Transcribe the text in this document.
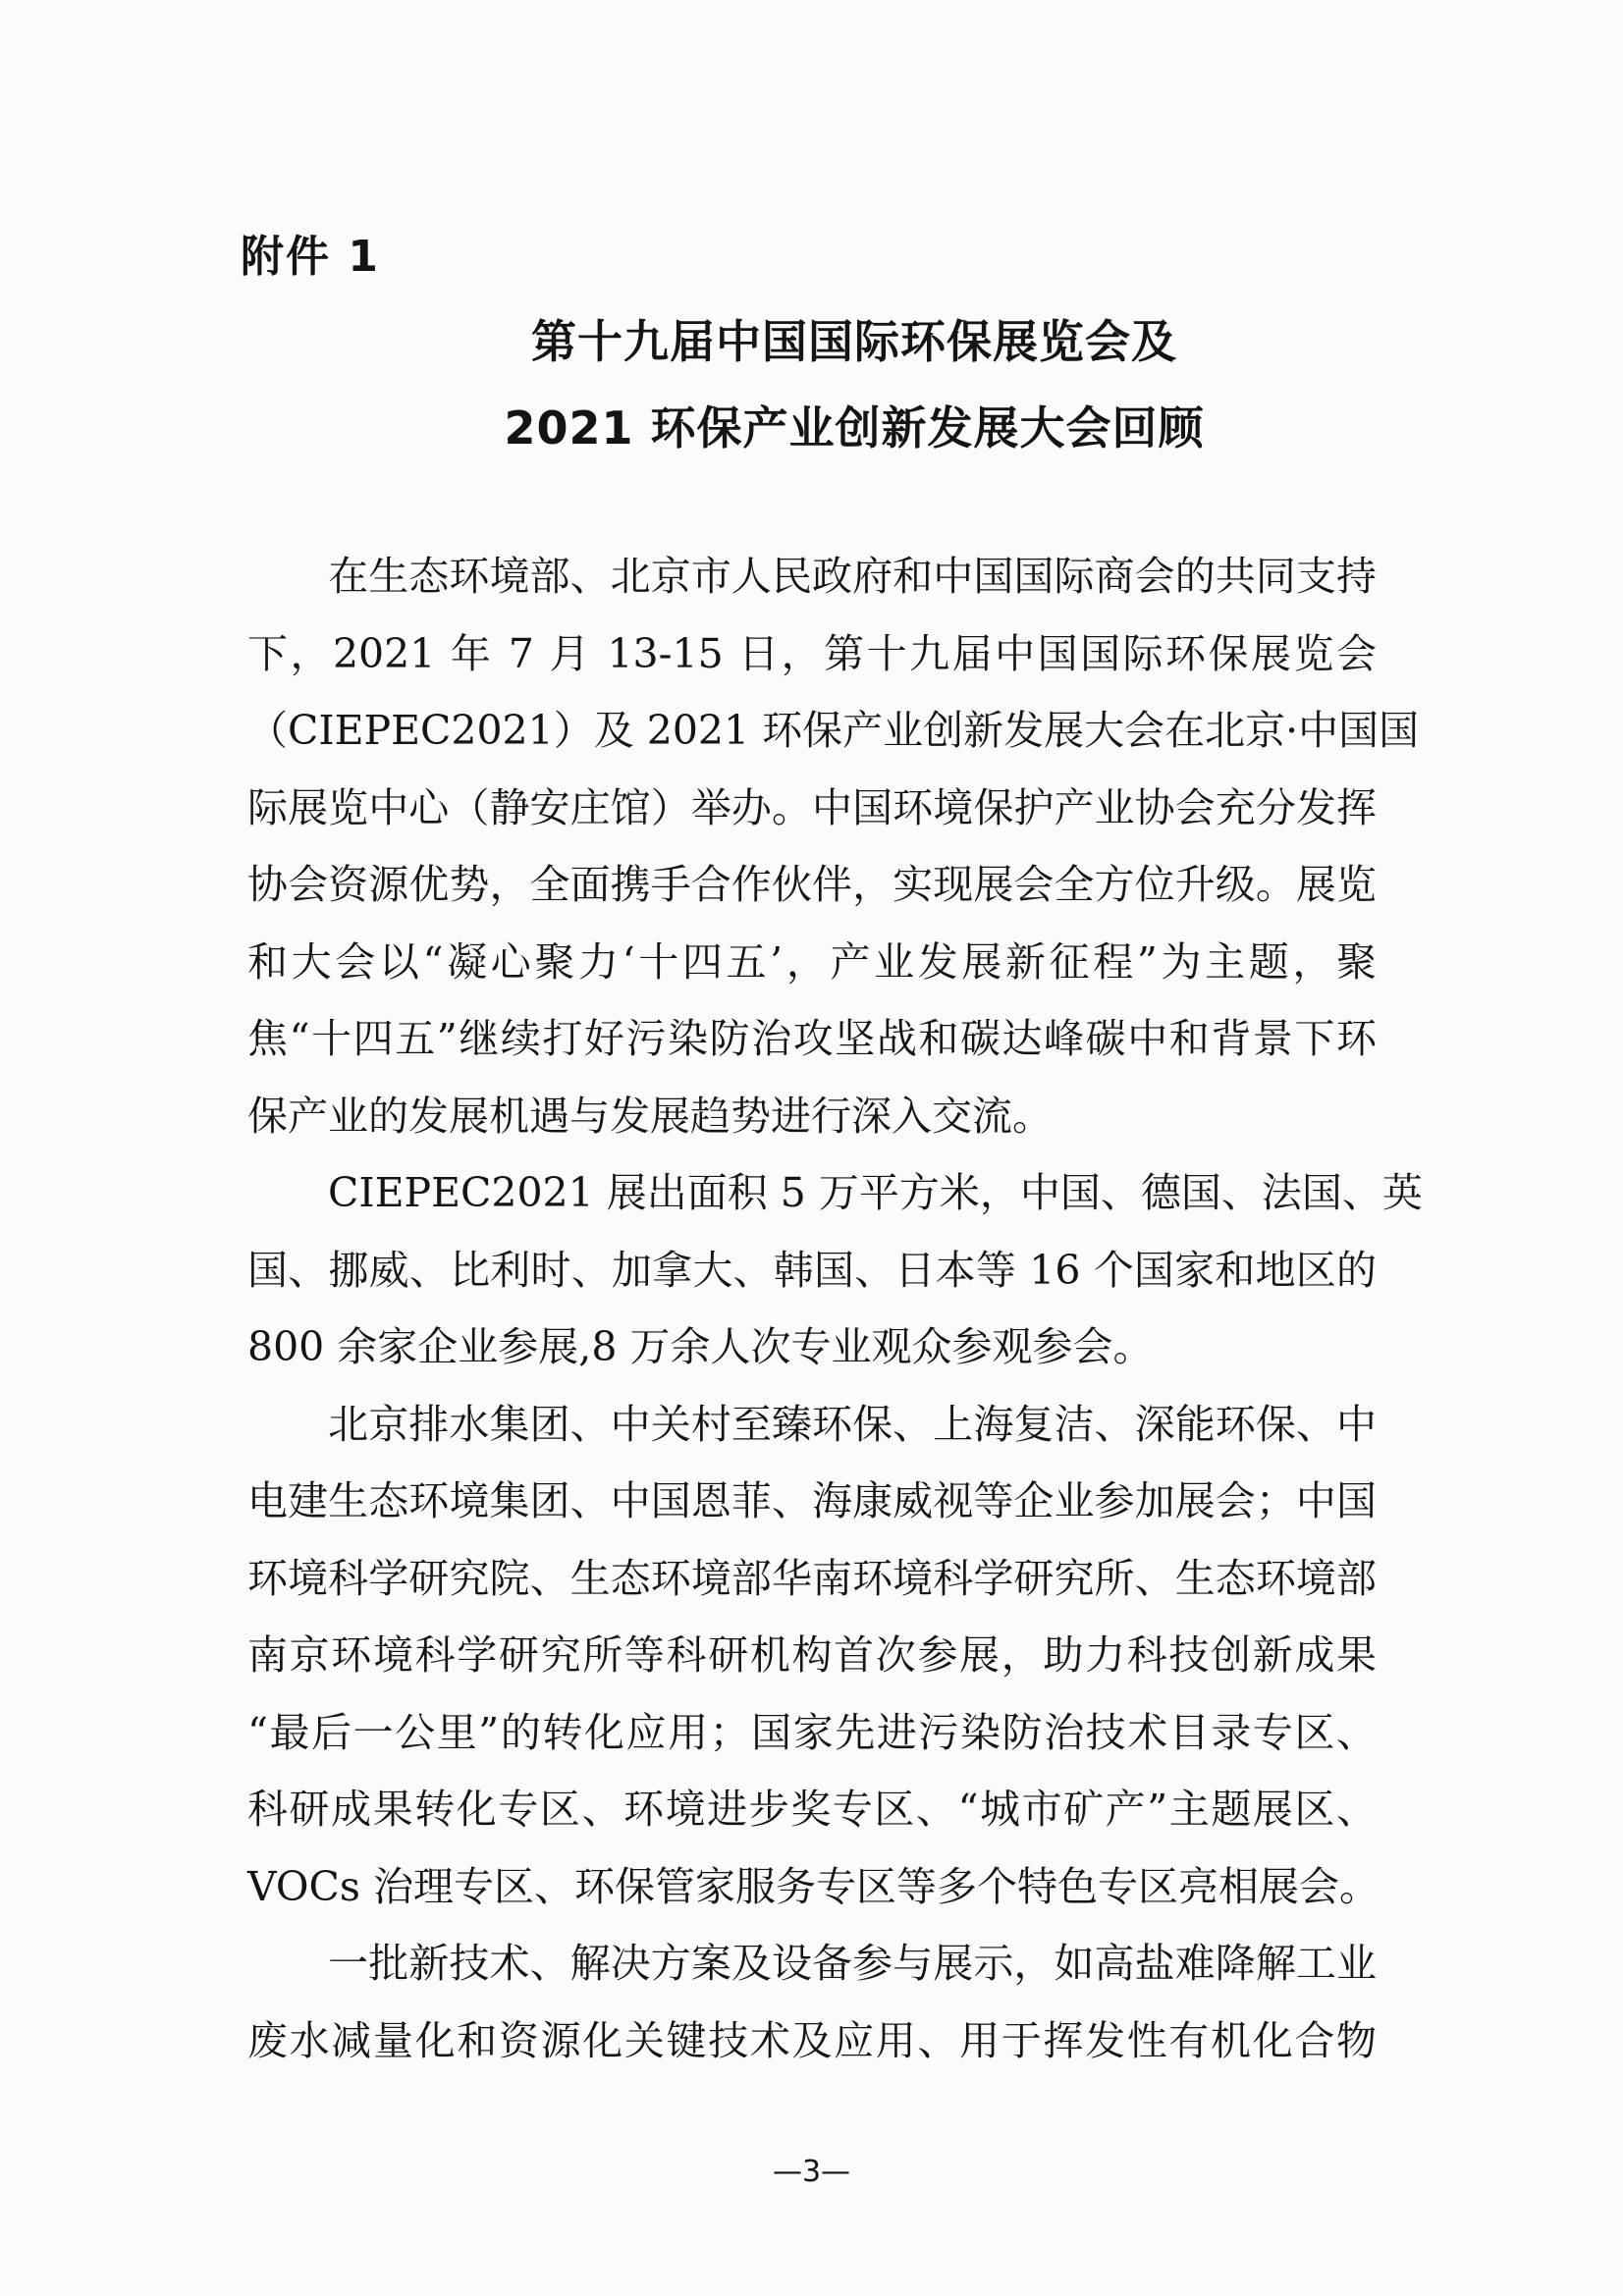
附件 1
第十九届中国国际环保展览会及
2021 环保产业创新发展大会回顾

　　在生态环境部、北京市人民政府和中国国际商会的共同支持
下，2021 年 7 月 13-15 日，第十九届中国国际环保展览会
（CIEPEC2021）及 2021 环保产业创新发展大会在北京·中国国
际展览中心（静安庄馆）举办。中国环境保护产业协会充分发挥
协会资源优势，全面携手合作伙伴，实现展会全方位升级。展览
和大会以“凝心聚力‘十四五’，产业发展新征程”为主题，聚
焦“十四五”继续打好污染防治攻坚战和碳达峰碳中和背景下环
保产业的发展机遇与发展趋势进行深入交流。

　　CIEPEC2021 展出面积 5 万平方米，中国、德国、法国、英
国、挪威、比利时、加拿大、韩国、日本等 16 个国家和地区的
800 余家企业参展,8 万余人次专业观众参观参会。

　　北京排水集团、中关村至臻环保、上海复洁、深能环保、中
电建生态环境集团、中国恩菲、海康威视等企业参加展会；中国
环境科学研究院、生态环境部华南环境科学研究所、生态环境部
南京环境科学研究所等科研机构首次参展，助力科技创新成果
“最后一公里”的转化应用；国家先进污染防治技术目录专区、
科研成果转化专区、环境进步奖专区、“城市矿产”主题展区、
VOCs 治理专区、环保管家服务专区等多个特色专区亮相展会。

　　一批新技术、解决方案及设备参与展示，如高盐难降解工业
废水减量化和资源化关键技术及应用、用于挥发性有机化合物

—3—
